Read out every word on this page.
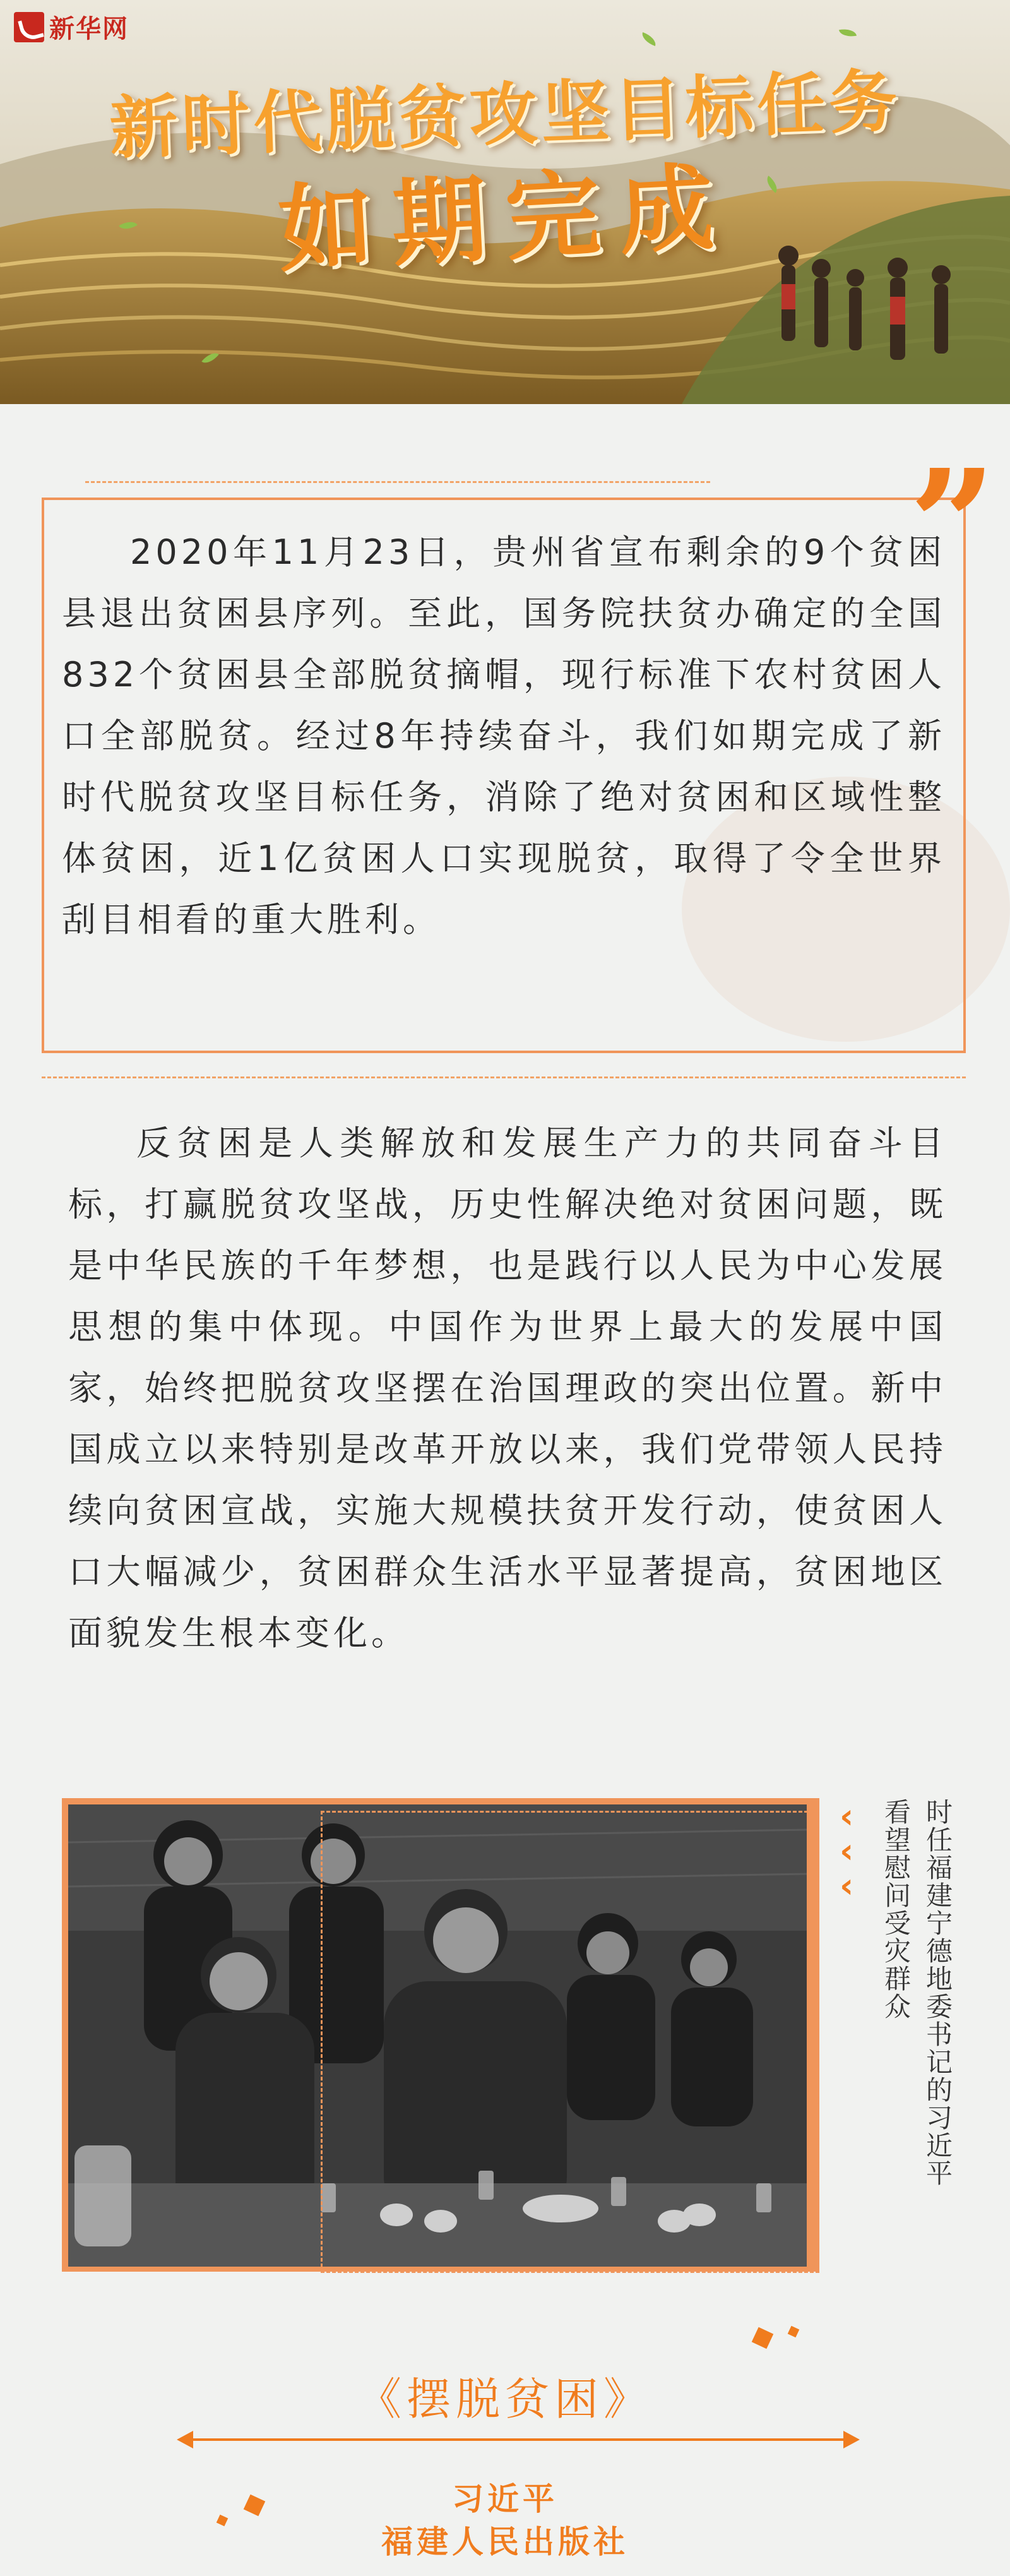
新华网
新时代脱贫攻坚目标任务
如期完成
”

2020年11月23日，贵州省宣布剩余的9个贫困县退出贫困县序列。至此，国务院扶贫办确定的全国832个贫困县全部脱贫摘帽，现行标准下农村贫困人口全部脱贫。经过8年持续奋斗，我们如期完成了新时代脱贫攻坚目标任务，消除了绝对贫困和区域性整体贫困，近1亿贫困人口实现脱贫，取得了令全世界刮目相看的重大胜利。

反贫困是人类解放和发展生产力的共同奋斗目标，打赢脱贫攻坚战，历史性解决绝对贫困问题，既是中华民族的千年梦想，也是践行以人民为中心发展思想的集中体现。中国作为世界上最大的发展中国家，始终把脱贫攻坚摆在治国理政的突出位置。新中国成立以来特别是改革开放以来，我们党带领人民持续向贫困宣战，实施大规模扶贫开发行动，使贫困人口大幅减少，贫困群众生活水平显著提高，贫困地区面貌发生根本变化。

‹
‹
‹	时任福建宁德地委书记的习近平
看望慰问受灾群众
《摆脱贫困》
习近平
福建人民出版社
